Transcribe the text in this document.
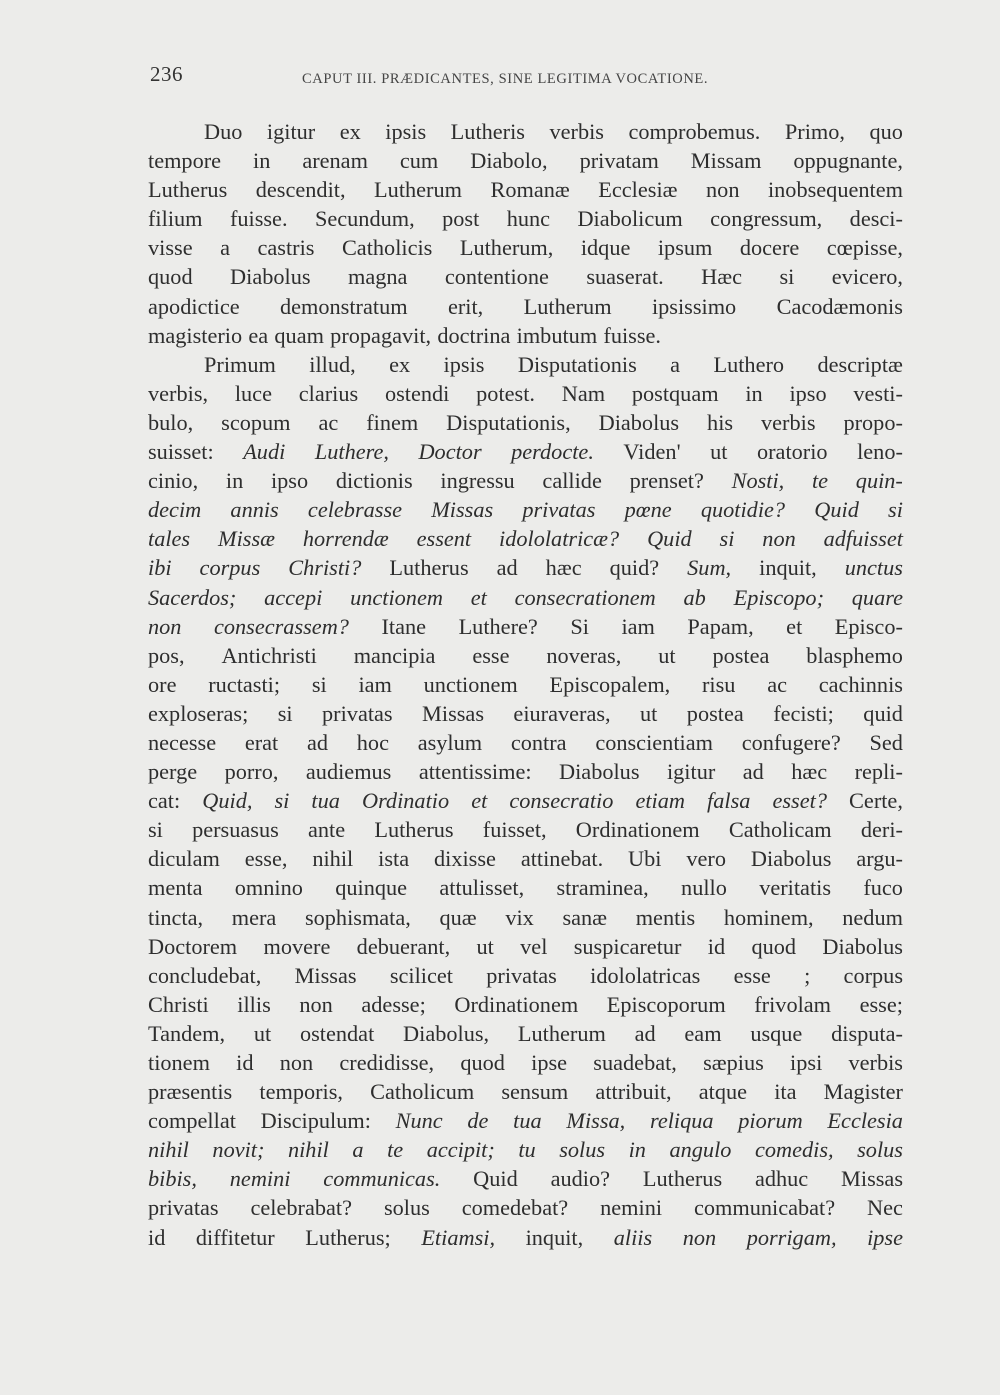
236	CAPUT III. PRÆDICANTES, SINE LEGITIMA VOCATIONE.
Duo igitur ex ipsis Lutheris verbis comprobemus. Primo, quo
tempore in arenam cum Diabolo, privatam Missam oppugnante,
Lutherus descendit, Lutherum Romanæ Ecclesiæ non inobsequentem
filium fuisse. Secundum, post hunc Diabolicum congressum, desci-
visse a castris Catholicis Lutherum, idque ipsum docere cœpisse,
quod Diabolus magna contentione suaserat. Hæc si evicero,
apodictice demonstratum erit, Lutherum ipsissimo Cacodæmonis
magisterio ea quam propagavit, doctrina imbutum fuisse.
Primum illud, ex ipsis Disputationis a Luthero descriptæ
verbis, luce clarius ostendi potest. Nam postquam in ipso vesti-
bulo, scopum ac finem Disputationis, Diabolus his verbis propo-
suisset: Audi Luthere, Doctor perdocte. Viden' ut oratorio leno-
cinio, in ipso dictionis ingressu callide prenset? Nosti, te quin-
decim annis celebrasse Missas privatas pœne quotidie? Quid si
tales Missæ horrendæ essent idololatricæ? Quid si non adfuisset
ibi corpus Christi? Lutherus ad hæc quid? Sum, inquit, unctus
Sacerdos; accepi unctionem et consecrationem ab Episcopo; quare
non consecrassem? Itane Luthere? Si iam Papam, et Episco-
pos, Antichristi mancipia esse noveras, ut postea blasphemo
ore ructasti; si iam unctionem Episcopalem, risu ac cachinnis
exploseras; si privatas Missas eiuraveras, ut postea fecisti; quid
necesse erat ad hoc asylum contra conscientiam confugere? Sed
perge porro, audiemus attentissime: Diabolus igitur ad hæc repli-
cat: Quid, si tua Ordinatio et consecratio etiam falsa esset? Certe,
si persuasus ante Lutherus fuisset, Ordinationem Catholicam deri-
diculam esse, nihil ista dixisse attinebat. Ubi vero Diabolus argu-
menta omnino quinque attulisset, straminea, nullo veritatis fuco
tincta, mera sophismata, quæ vix sanæ mentis hominem, nedum
Doctorem movere debuerant, ut vel suspicaretur id quod Diabolus
concludebat, Missas scilicet privatas idololatricas esse ; corpus
Christi illis non adesse; Ordinationem Episcoporum frivolam esse;
Tandem, ut ostendat Diabolus, Lutherum ad eam usque disputa-
tionem id non credidisse, quod ipse suadebat, sæpius ipsi verbis
præsentis temporis, Catholicum sensum attribuit, atque ita Magister
compellat Discipulum: Nunc de tua Missa, reliqua piorum Ecclesia
nihil novit; nihil a te accipit; tu solus in angulo comedis, solus
bibis, nemini communicas. Quid audio? Lutherus adhuc Missas
privatas celebrabat? solus comedebat? nemini communicabat? Nec
id diffitetur Lutherus; Etiamsi, inquit, aliis non porrigam, ipse
